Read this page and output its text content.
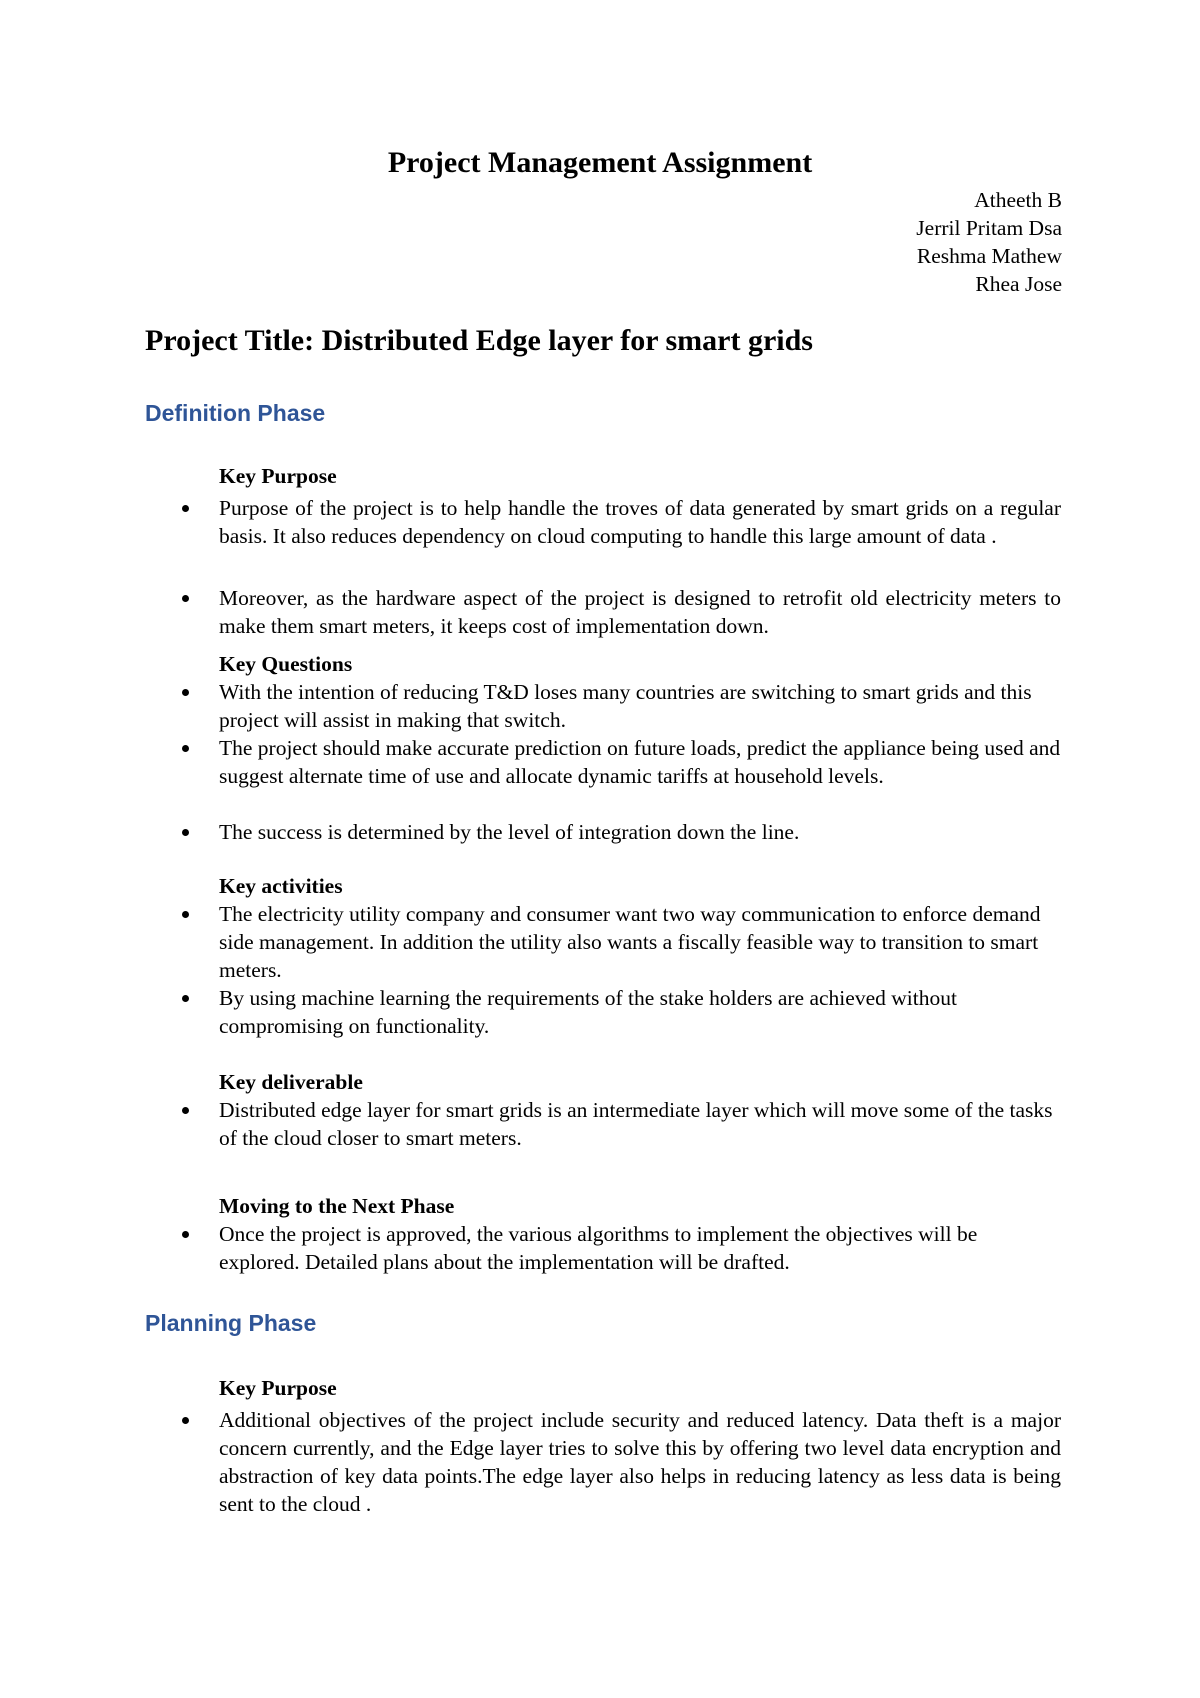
Project Management Assignment
Atheeth B
Jerril Pritam Dsa
Reshma Mathew
Rhea Jose
Project Title: Distributed Edge layer for smart grids
Definition Phase
Key Purpose
Purpose of the project is to help handle the troves of data generated by smart grids on a regular basis. It also reduces dependency on cloud computing to handle this large amount of data .
Moreover, as the hardware aspect of the project is designed to retrofit old electricity meters to make them smart meters, it keeps cost of implementation down.
Key Questions
With the intention of reducing T&D loses many countries are switching to smart grids and this project will assist in making that switch.
The project should make accurate prediction on future loads, predict the appliance being used and suggest alternate time of use and allocate dynamic tariffs at household levels.
The success is determined by the level of integration down the line.
Key activities
The electricity utility company and consumer want two way communication to enforce demand side management. In addition the utility also wants a fiscally feasible way to transition to smart meters.
By using machine learning the requirements of the stake holders are achieved without compromising on functionality.
Key deliverable
Distributed edge layer for smart grids is an intermediate layer which will move some of the tasks of the cloud closer to smart meters.
Moving to the Next Phase
Once the project is approved, the various algorithms to implement the objectives will be explored. Detailed plans about the implementation will be drafted.
Planning Phase
Key Purpose
Additional objectives of the project include security and reduced latency. Data theft is a major concern currently, and the Edge layer tries to solve this by offering two level data encryption and abstraction of key data points.The edge layer also helps in reducing latency as less data is being sent to the cloud .
